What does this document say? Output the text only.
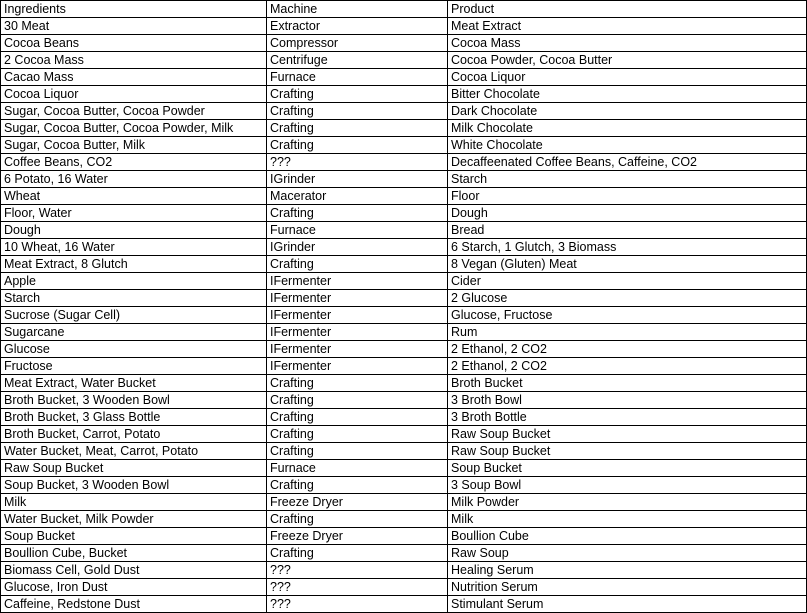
Ingredients	Machine	Product
30 Meat	Extractor	Meat Extract
Cocoa Beans	Compressor	Cocoa Mass
2 Cocoa Mass	Centrifuge	Cocoa Powder, Cocoa Butter
Cacao Mass	Furnace	Cocoa Liquor
Cocoa Liquor	Crafting	Bitter Chocolate
Sugar, Cocoa Butter, Cocoa Powder	Crafting	Dark Chocolate
Sugar, Cocoa Butter, Cocoa Powder, Milk	Crafting	Milk Chocolate
Sugar, Cocoa Butter, Milk	Crafting	White Chocolate
Coffee Beans, CO2	???	Decaffeenated Coffee Beans, Caffeine, CO2
6 Potato, 16 Water	IGrinder	Starch
Wheat	Macerator	Floor
Floor, Water	Crafting	Dough
Dough	Furnace	Bread
10 Wheat, 16 Water	IGrinder	6 Starch, 1 Glutch, 3 Biomass
Meat Extract, 8 Glutch	Crafting	8 Vegan (Gluten) Meat
Apple	IFermenter	Cider
Starch	IFermenter	2 Glucose
Sucrose (Sugar Cell)	IFermenter	Glucose, Fructose
Sugarcane	IFermenter	Rum
Glucose	IFermenter	2 Ethanol, 2 CO2
Fructose	IFermenter	2 Ethanol, 2 CO2
Meat Extract, Water Bucket	Crafting	Broth Bucket
Broth Bucket, 3 Wooden Bowl	Crafting	3 Broth Bowl
Broth Bucket, 3 Glass Bottle	Crafting	3 Broth Bottle
Broth Bucket, Carrot, Potato	Crafting	Raw Soup Bucket
Water Bucket, Meat, Carrot, Potato	Crafting	Raw Soup Bucket
Raw Soup Bucket	Furnace	Soup Bucket
Soup Bucket, 3 Wooden Bowl	Crafting	3 Soup Bowl
Milk	Freeze Dryer	Milk Powder
Water Bucket, Milk Powder	Crafting	Milk
Soup Bucket	Freeze Dryer	Boullion Cube
Boullion Cube, Bucket	Crafting	Raw Soup
Biomass Cell, Gold Dust	???	Healing Serum
Glucose, Iron Dust	???	Nutrition Serum
Caffeine, Redstone Dust	???	Stimulant Serum
